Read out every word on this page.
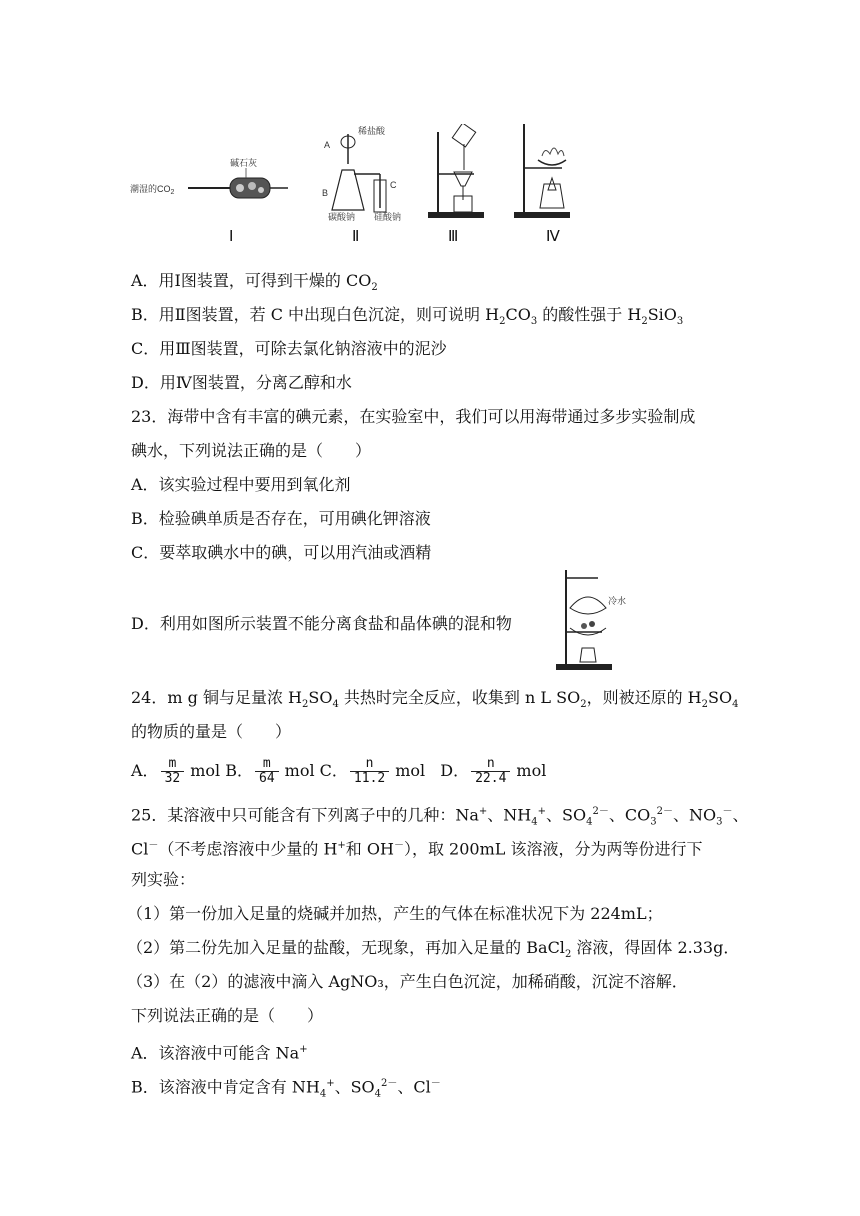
潮湿的$CO_2$
碱石灰
稀盐酸
A
B
C
碳酸钠 硅酸钠
Ⅰ	Ⅱ	Ⅲ	Ⅳ
A．用Ⅰ图装置，可得到干燥的 $CO_2$
B．用Ⅱ图装置，若 C 中出现白色沉淀，则可说明 $H_2CO_3$ 的酸性强于 $H_2SiO_3$
C．用Ⅲ图装置，可除去氯化钠溶液中的泥沙
D．用Ⅳ图装置，分离乙醇和水
23．海带中含有丰富的碘元素，在实验室中，我们可以用海带通过多步实验制成
碘水，下列说法正确的是（　　）
A．该实验过程中要用到氧化剂
B．检验碘单质是否存在，可用碘化钾溶液
C．要萃取碘水中的碘，可以用汽油或酒精
D．利用如图所示装置不能分离食盐和晶体碘的混和物
冷水
24．m g 铜与足量浓 $H_2SO_4$ 共热时完全反应，收集到 n L $SO_2$，则被还原的 $H_2SO_4$
的物质的量是（　　）
A． $\frac{m}{32}$ mol B． $\frac{m}{64}$ mol C． $\frac{n}{11.2}$ mol D． $\frac{n}{22.4}$ mol
25．某溶液中只可能含有下列离子中的几种：Na+、$NH_4^+$、$SO_4^{2-}$、$CO_3^{2-}$、$NO_3^-$、
Cl－（不考虑溶液中少量的 H+和 OH－），取 200mL 该溶液，分为两等份进行下
列实验：
（1）第一份加入足量的烧碱并加热，产生的气体在标准状况下为 224mL；
（2）第二份先加入足量的盐酸，无现象，再加入足量的 BaCl$_2$ 溶液，得固体 2.33g．
（3）在（2）的滤液中滴入 AgNO₃，产生白色沉淀，加稀硝酸，沉淀不溶解．
下列说法正确的是（　　）
A．该溶液中可能含 Na+
B．该溶液中肯定含有 $NH_4^+$、$SO_4^{2-}$、Cl－
